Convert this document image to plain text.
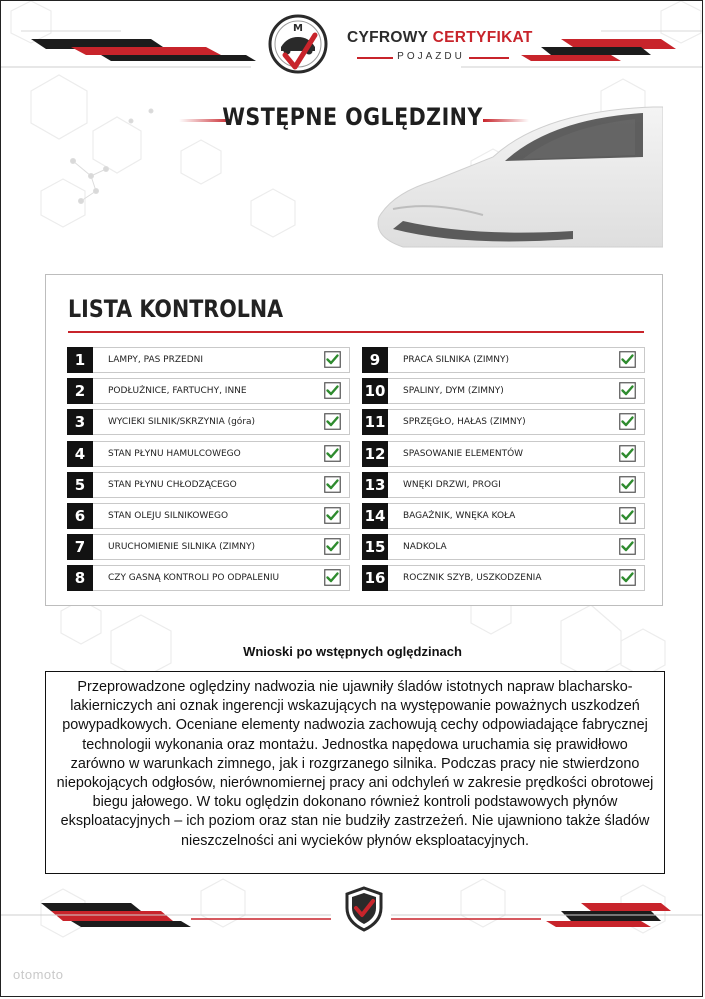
M
CYFROWY CERTYFIKAT
POJAZDU
WSTĘPNE OGLĘDZINY
LISTA KONTROLNA
1	LAMPY, PAS PRZEDNI
2	PODŁUŻNICE, FARTUCHY, INNE
3	WYCIEKI SILNIK/SKRZYNIA (góra)
4	STAN PŁYNU HAMULCOWEGO
5	STAN PŁYNU CHŁODZĄCEGO
6	STAN OLEJU SILNIKOWEGO
7	URUCHOMIENIE SILNIKA (ZIMNY)
8	CZY GASNĄ KONTROLI PO ODPALENIU
9	PRACA SILNIKA (ZIMNY)
10 SPALINY, DYM (ZIMNY)
11 SPRZĘGŁO, HAŁAS (ZIMNY)
12 SPASOWANIE ELEMENTÓW
13 WNĘKI DRZWI, PROGI
14 BAGAŻNIK, WNĘKA KOŁA
15 NADKOLA
16 ROCZNIK SZYB, USZKODZENIA
Wnioski po wstępnych oględzinach

Przeprowadzone oględziny nadwozia nie ujawniły śladów istotnych napraw blacharsko-lakierniczych ani oznak ingerencji wskazujących na występowanie poważnych uszkodzeń powypadkowych. Oceniane elementy nadwozia zachowują cechy odpowiadające fabrycznej technologii wykonania oraz montażu. Jednostka napędowa uruchamia się prawidłowo zarówno w warunkach zimnego, jak i rozgrzanego silnika. Podczas pracy nie stwierdzono niepokojących odgłosów, nierównomiernej pracy ani odchyleń w zakresie prędkości obrotowej biegu jałowego. W toku oględzin dokonano również kontroli podstawowych płynów eksploatacyjnych – ich poziom oraz stan nie budziły zastrzeżeń. Nie ujawniono także śladów nieszczelności ani wycieków płynów eksploatacyjnych.

otomoto
